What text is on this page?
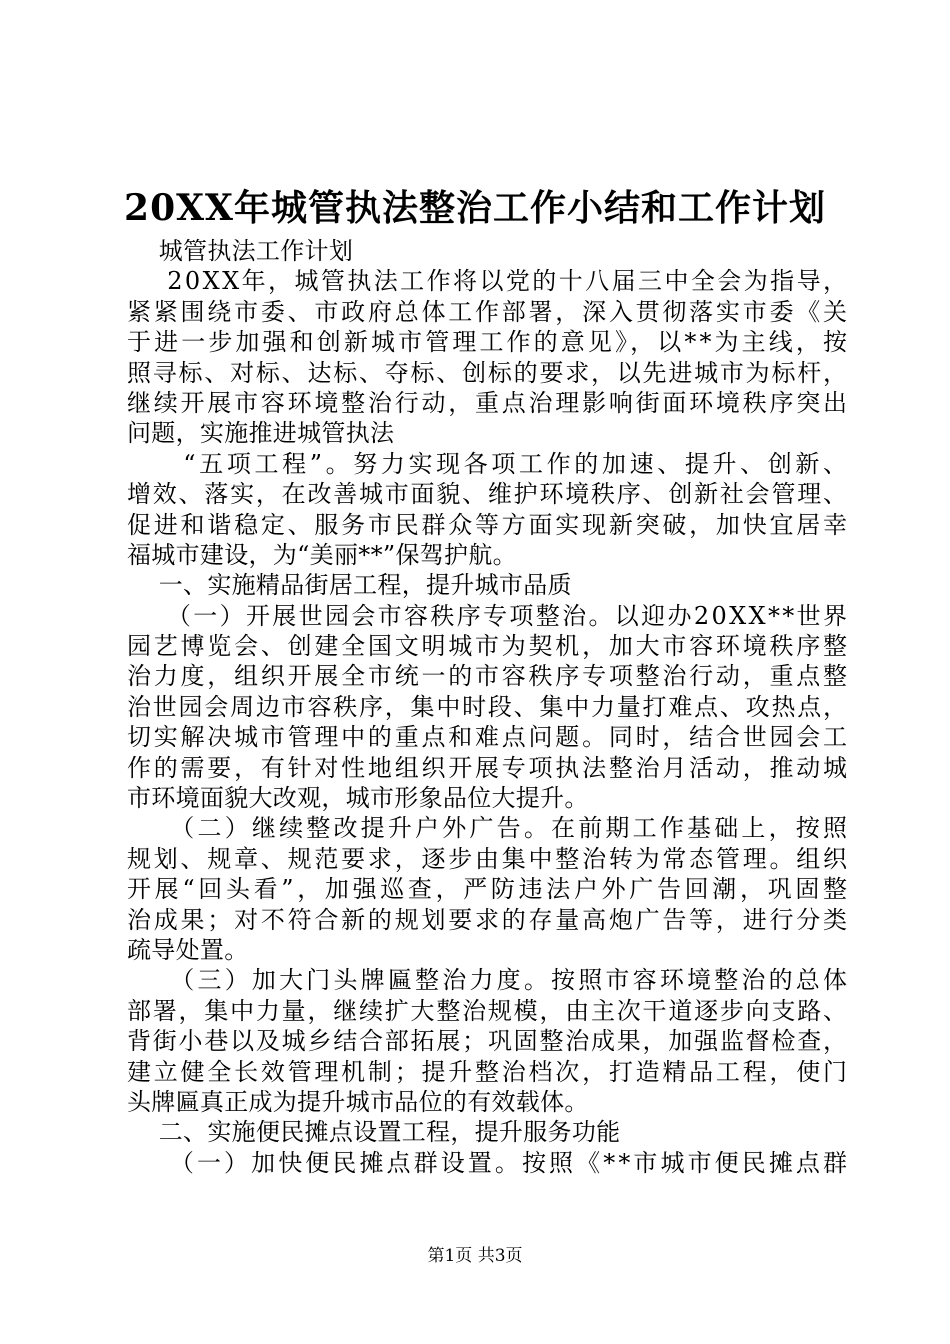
20XX年城管执法整治工作小结和工作计划
城管执法工作计划
20XX年，城管执法工作将以党的十八届三中全会为指导，
紧紧围绕市委、市政府总体工作部署，深入贯彻落实市委《关
于进一步加强和创新城市管理工作的意见》，以**为主线，按
照寻标、对标、达标、夺标、创标的要求，以先进城市为标杆，
继续开展市容环境整治行动，重点治理影响街面环境秩序突出
问题，实施推进城管执法
“五项工程”。努力实现各项工作的加速、提升、创新、
增效、落实，在改善城市面貌、维护环境秩序、创新社会管理、
促进和谐稳定、服务市民群众等方面实现新突破，加快宜居幸
福城市建设，为“美丽**”保驾护航。
一、实施精品街居工程，提升城市品质
（一）开展世园会市容秩序专项整治。以迎办20XX**世界
园艺博览会、创建全国文明城市为契机，加大市容环境秩序整
治力度，组织开展全市统一的市容秩序专项整治行动，重点整
治世园会周边市容秩序，集中时段、集中力量打难点、攻热点，
切实解决城市管理中的重点和难点问题。同时，结合世园会工
作的需要，有针对性地组织开展专项执法整治月活动，推动城
市环境面貌大改观，城市形象品位大提升。
（二）继续整改提升户外广告。在前期工作基础上，按照
规划、规章、规范要求，逐步由集中整治转为常态管理。组织
开展“回头看”，加强巡查，严防违法户外广告回潮，巩固整
治成果；对不符合新的规划要求的存量高炮广告等，进行分类
疏导处置。
（三）加大门头牌匾整治力度。按照市容环境整治的总体
部署，集中力量，继续扩大整治规模，由主次干道逐步向支路、
背街小巷以及城乡结合部拓展；巩固整治成果，加强监督检查，
建立健全长效管理机制；提升整治档次，打造精品工程，使门
头牌匾真正成为提升城市品位的有效载体。
二、实施便民摊点设置工程，提升服务功能
（一）加快便民摊点群设置。按照《**市城市便民摊点群
第1页 共3页
